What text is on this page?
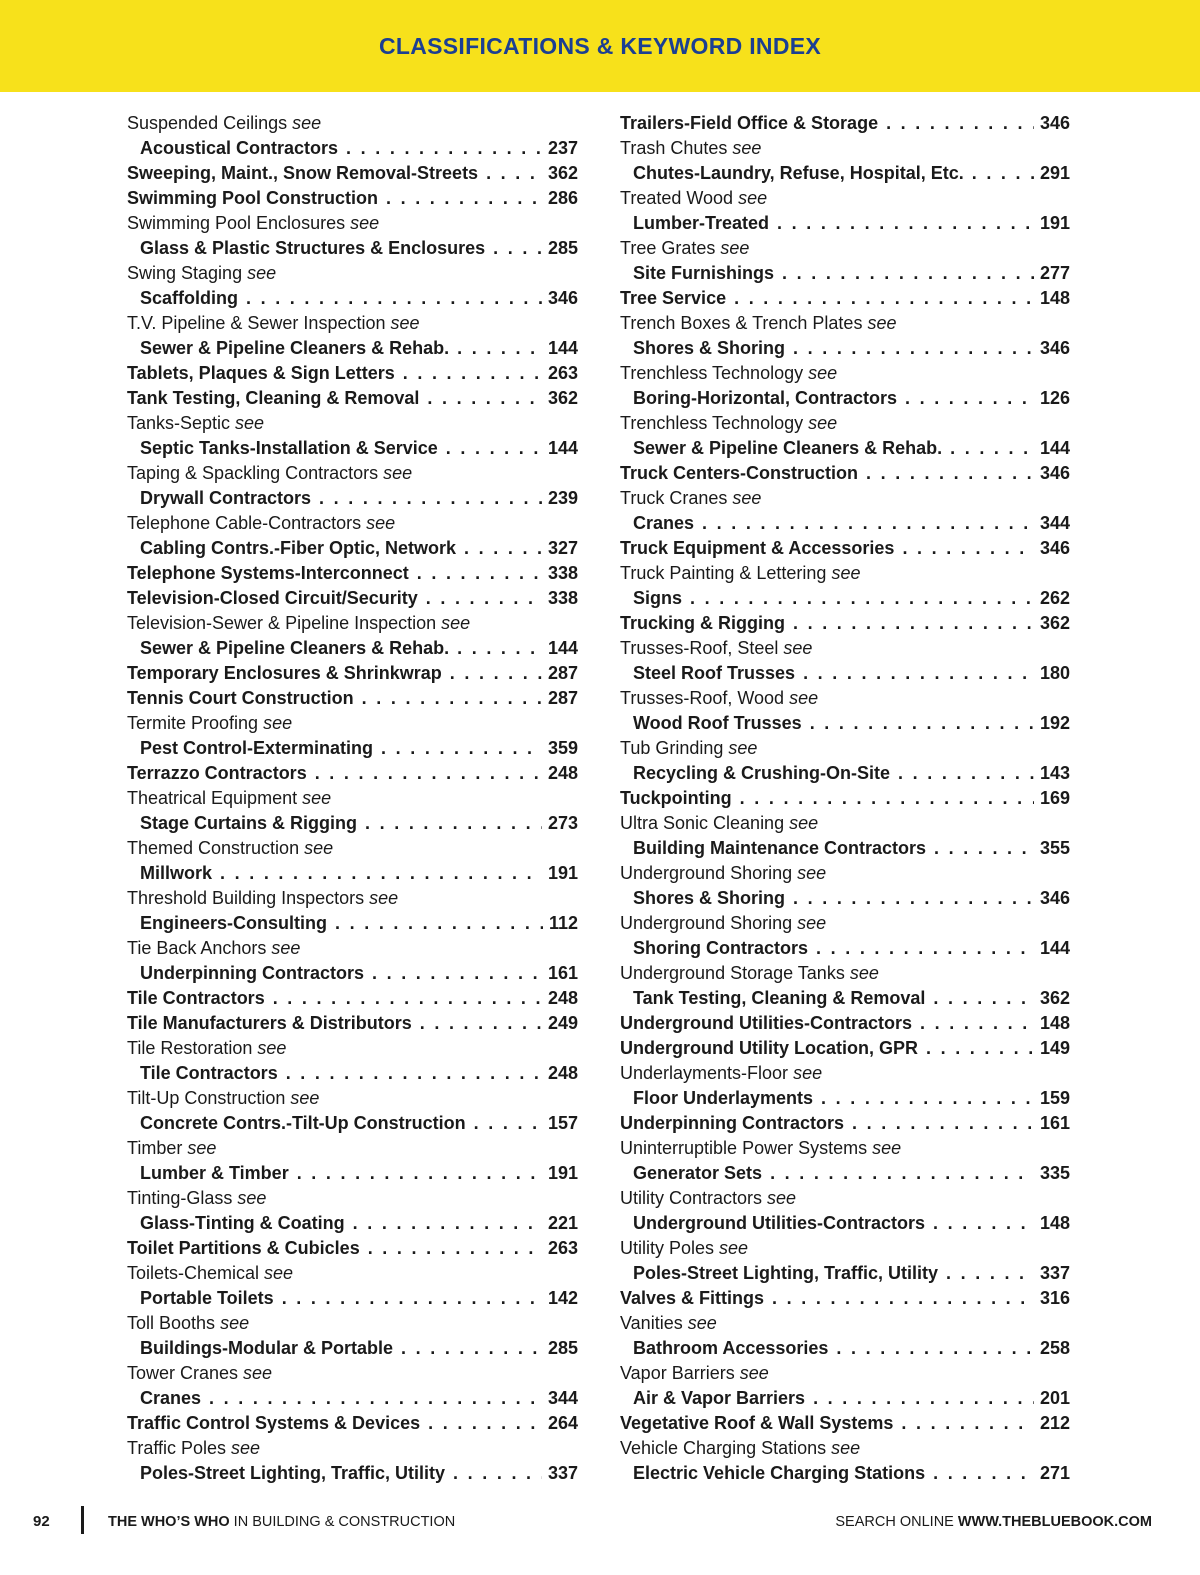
CLASSIFICATIONS & KEYWORD INDEX
Suspended Ceilings see
Acoustical Contractors . . .	237
Sweeping, Maint., Snow Removal-Streets . . .	362
Swimming Pool Construction . . .	286
Swimming Pool Enclosures see
Glass & Plastic Structures & Enclosures . . .	285
Swing Staging see
Scaffolding . . .	346
T.V. Pipeline & Sewer Inspection see
Sewer & Pipeline Cleaners & Rehab. . . .	144
Tablets, Plaques & Sign Letters . . .	263
Tank Testing, Cleaning & Removal . . .	362
Tanks-Septic see
Septic Tanks-Installation & Service . . .	144
Taping & Spackling Contractors see
Drywall Contractors . . .	239
Telephone Cable-Contractors see
Cabling Contrs.-Fiber Optic, Network . . .	327
Telephone Systems-Interconnect . . .	338
Television-Closed Circuit/Security . . .	338
Television-Sewer & Pipeline Inspection see
Sewer & Pipeline Cleaners & Rehab. . . .	144
Temporary Enclosures & Shrinkwrap . . .	287
Tennis Court Construction . . .	287
Termite Proofing see
Pest Control-Exterminating . . .	359
Terrazzo Contractors . . .	248
Theatrical Equipment see
Stage Curtains & Rigging . . .	273
Themed Construction see
Millwork . . .	191
Threshold Building Inspectors see
Engineers-Consulting . . .	112
Tie Back Anchors see
Underpinning Contractors . . .	161
Tile Contractors . . .	248
Tile Manufacturers & Distributors . . .	249
Tile Restoration see
Tile Contractors . . .	248
Tilt-Up Construction see
Concrete Contrs.-Tilt-Up Construction . . .	157
Timber see
Lumber & Timber . . .	191
Tinting-Glass see
Glass-Tinting & Coating . . .	221
Toilet Partitions & Cubicles . . .	263
Toilets-Chemical see
Portable Toilets . . .	142
Toll Booths see
Buildings-Modular & Portable . . .	285
Tower Cranes see
Cranes . . .	344
Traffic Control Systems & Devices . . .	264
Traffic Poles see
Poles-Street Lighting, Traffic, Utility . . .	337
Trailers-Field Office & Storage . . .	346
Trash Chutes see
Chutes-Laundry, Refuse, Hospital, Etc. . . .	291
Treated Wood see
Lumber-Treated . . .	191
Tree Grates see
Site Furnishings . . .	277
Tree Service . . .	148
Trench Boxes & Trench Plates see
Shores & Shoring . . .	346
Trenchless Technology see
Boring-Horizontal, Contractors . . .	126
Trenchless Technology see
Sewer & Pipeline Cleaners & Rehab. . . .	144
Truck Centers-Construction . . .	346
Truck Cranes see
Cranes . . .	344
Truck Equipment & Accessories . . .	346
Truck Painting & Lettering see
Signs . . .	262
Trucking & Rigging . . .	362
Trusses-Roof, Steel see
Steel Roof Trusses . . .	180
Trusses-Roof, Wood see
Wood Roof Trusses . . .	192
Tub Grinding see
Recycling & Crushing-On-Site . . .	143
Tuckpointing . . .	169
Ultra Sonic Cleaning see
Building Maintenance Contractors . . .	355
Underground Shoring see
Shores & Shoring . . .	346
Underground Shoring see
Shoring Contractors . . .	144
Underground Storage Tanks see
Tank Testing, Cleaning & Removal . . .	362
Underground Utilities-Contractors . . .	148
Underground Utility Location, GPR . . .	149
Underlayments-Floor see
Floor Underlayments . . .	159
Underpinning Contractors . . .	161
Uninterruptible Power Systems see
Generator Sets . . .	335
Utility Contractors see
Underground Utilities-Contractors . . .	148
Utility Poles see
Poles-Street Lighting, Traffic, Utility . . .	337
Valves & Fittings . . .	316
Vanities see
Bathroom Accessories . . .	258
Vapor Barriers see
Air & Vapor Barriers . . .	201
Vegetative Roof & Wall Systems . . .	212
Vehicle Charging Stations see
Electric Vehicle Charging Stations . . .	271
92	THE WHO’S WHO IN BUILDING & CONSTRUCTION	SEARCH ONLINE WWW.THEBLUEBOOK.COM
